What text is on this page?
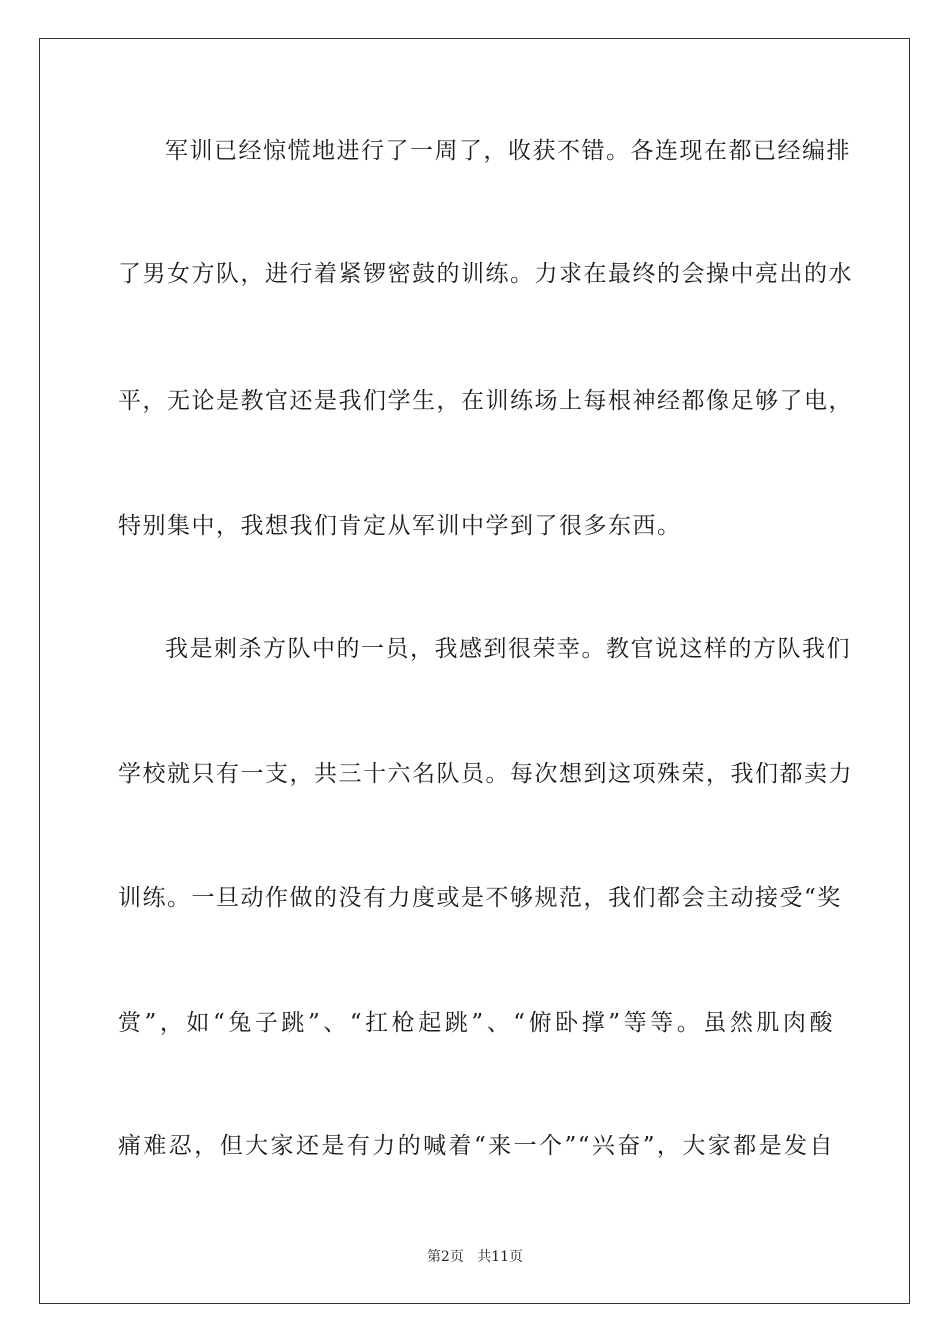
军训已经惊慌地进行了一周了，收获不错。各连现在都已经编排
了男女方队，进行着紧锣密鼓的训练。力求在最终的会操中亮出的水
平，无论是教官还是我们学生，在训练场上每根神经都像足够了电，
特别集中，我想我们肯定从军训中学到了很多东西。
我是刺杀方队中的一员，我感到很荣幸。教官说这样的方队我们
学校就只有一支，共三十六名队员。每次想到这项殊荣，我们都卖力
训练。一旦动作做的没有力度或是不够规范，我们都会主动接受“奖
赏”，如“兔子跳”、“扛枪起跳”、“俯卧撑”等等。虽然肌肉酸
痛难忍，但大家还是有力的喊着“来一个”“兴奋”，大家都是发自
第2页 共11页
